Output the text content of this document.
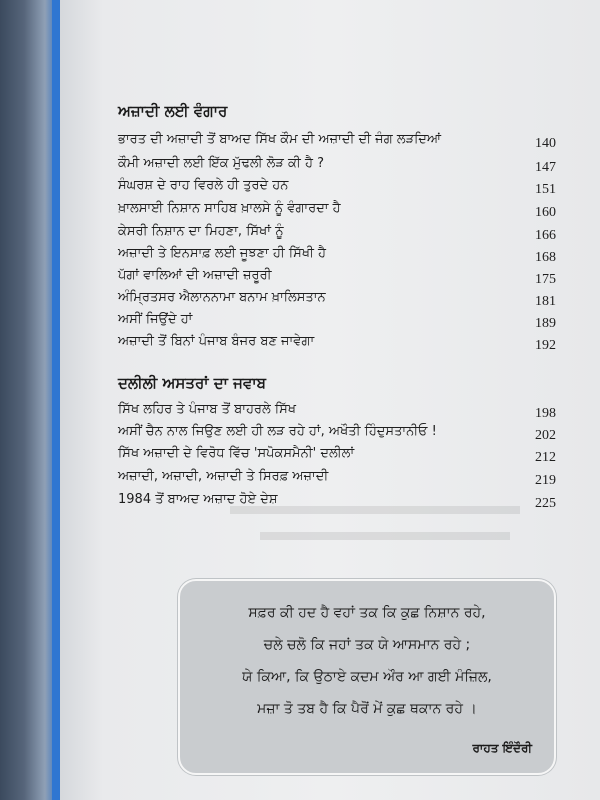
ਅਜ਼ਾਦੀ ਲਈ ਵੰਗਾਰ
ਭਾਰਤ ਦੀ ਅਜ਼ਾਦੀ ਤੋਂ ਬਾਅਦ ਸਿੱਖ ਕੌਮ ਦੀ ਅਜ਼ਾਦੀ ਦੀ ਜੰਗ ਲੜਦਿਆਂ	140
ਕੌਮੀ ਅਜ਼ਾਦੀ ਲਈ ਇੱਕ ਮੁੱਢਲੀ ਲੋੜ ਕੀ ਹੈ ?	147
ਸੰਘਰਸ਼ ਦੇ ਰਾਹ ਵਿਰਲੇ ਹੀ ਤੁਰਦੇ ਹਨ	151
ਖ਼ਾਲਸਾਈ ਨਿਸ਼ਾਨ ਸਾਹਿਬ ਖ਼ਾਲਸੇ ਨੂੰ ਵੰਗਾਰਦਾ ਹੈ	160
ਕੇਸਰੀ ਨਿਸ਼ਾਨ ਦਾ ਮਿਹਣਾ, ਸਿੱਖਾਂ ਨੂੰ	166
ਅਜ਼ਾਦੀ ਤੇ ਇਨਸਾਫ਼ ਲਈ ਜੂਝਣਾ ਹੀ ਸਿੱਖੀ ਹੈ	168
ਪੱਗਾਂ ਵਾਲਿਆਂ ਦੀ ਅਜ਼ਾਦੀ ਜ਼ਰੂਰੀ	175
ਅੰਮ੍ਰਿਤਸਰ ਐਲਾਨਨਾਮਾ ਬਨਾਮ ਖ਼ਾਲਿਸਤਾਨ	181
ਅਸੀਂ ਜਿਉਂਦੇ ਹਾਂ	189
ਅਜ਼ਾਦੀ ਤੋਂ ਬਿਨਾਂ ਪੰਜਾਬ ਬੰਜਰ ਬਣ ਜਾਵੇਗਾ	192
ਦਲੀਲੀ ਅਸਤਰਾਂ ਦਾ ਜਵਾਬ
ਸਿੱਖ ਲਹਿਰ ਤੇ ਪੰਜਾਬ ਤੋਂ ਬਾਹਰਲੇ ਸਿੱਖ	198
ਅਸੀਂ ਚੈਨ ਨਾਲ ਜਿਉਣ ਲਈ ਹੀ ਲੜ ਰਹੇ ਹਾਂ, ਅਖੌਤੀ ਹਿੰਦੁਸਤਾਨੀਓ !	202
ਸਿੱਖ ਅਜ਼ਾਦੀ ਦੇ ਵਿਰੋਧ ਵਿੱਚ 'ਸਪੋਕਸਮੈਨੀ' ਦਲੀਲਾਂ	212
ਅਜ਼ਾਦੀ, ਅਜ਼ਾਦੀ, ਅਜ਼ਾਦੀ ਤੇ ਸਿਰਫ਼ ਅਜ਼ਾਦੀ	219
1984 ਤੋਂ ਬਾਅਦ ਅਜ਼ਾਦ ਹੋਏ ਦੇਸ਼	225
ਸਫ਼ਰ ਕੀ ਹਦ ਹੈ ਵਹਾਂ ਤਕ ਕਿ ਕੁਛ ਨਿਸ਼ਾਨ ਰਹੇ,
ਚਲੇ ਚਲੋ ਕਿ ਜਹਾਂ ਤਕ ਯੇ ਆਸਮਾਨ ਰਹੇ ;
ਯੇ ਕਿਆ, ਕਿ ਉਠਾਏ ਕਦਮ ਔਰ ਆ ਗਈ ਮੰਜ਼ਿਲ,
ਮਜ਼ਾ ਤੋ ਤਬ ਹੈ ਕਿ ਪੈਰੋਂ ਮੇਂ ਕੁਛ ਥਕਾਨ ਰਹੇ ।
ਰਾਹਤ ਇੰਦੌਰੀ
